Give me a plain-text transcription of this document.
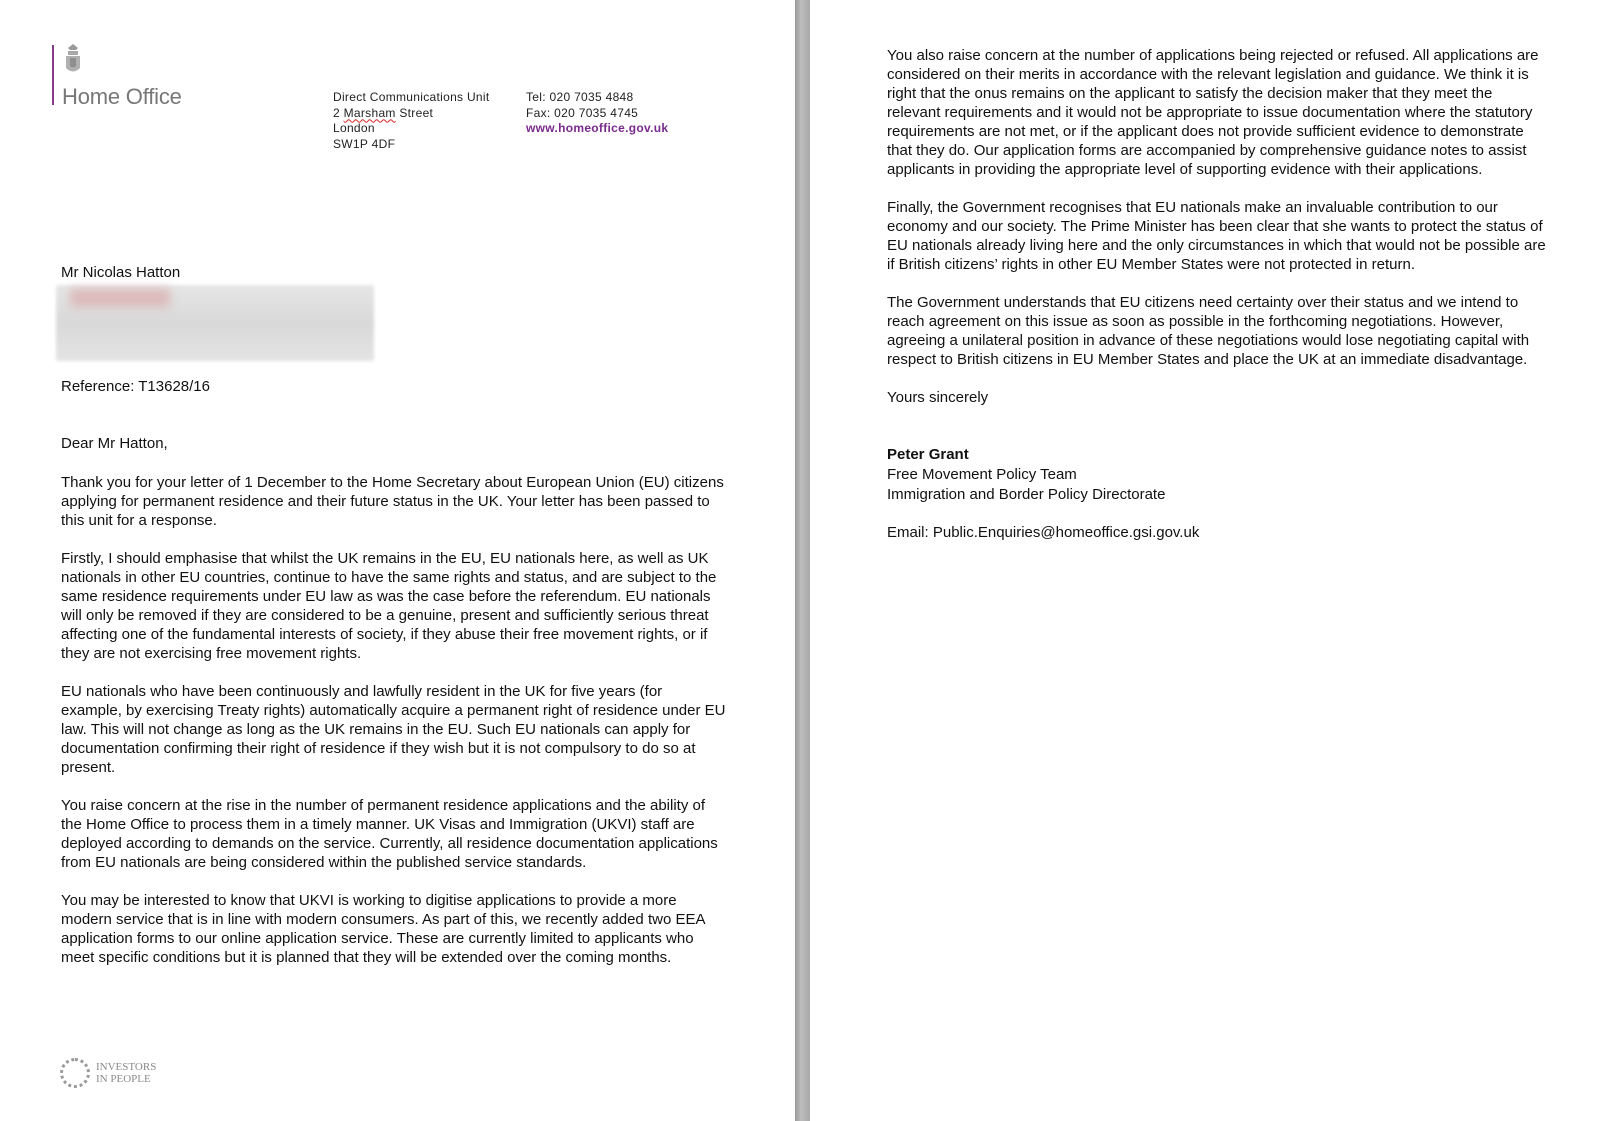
Home Office	Direct Communications Unit
2 Marsham Street
London
SW1P 4DF
Tel: 020 7035 4848
Fax: 020 7035 4745
www.homeoffice.gov.uk
Mr Nicolas Hatton
Reference: T13628/16
Dear Mr Hatton,

Thank you for your letter of 1 December to the Home Secretary about European Union (EU) citizens applying for permanent residence and their future status in the UK. Your letter has been passed to this unit for a response.

Firstly, I should emphasise that whilst the UK remains in the EU, EU nationals here, as well as UK nationals in other EU countries, continue to have the same rights and status, and are subject to the same residence requirements under EU law as was the case before the referendum. EU nationals will only be removed if they are considered to be a genuine, present and sufficiently serious threat affecting one of the fundamental interests of society, if they abuse their free movement rights, or if they are not exercising free movement rights.

EU nationals who have been continuously and lawfully resident in the UK for five years (for example, by exercising Treaty rights) automatically acquire a permanent right of residence under EU law. This will not change as long as the UK remains in the EU. Such EU nationals can apply for documentation confirming their right of residence if they wish but it is not compulsory to do so at present.

You raise concern at the rise in the number of permanent residence applications and the ability of the Home Office to process them in a timely manner. UK Visas and Immigration (UKVI) staff are deployed according to demands on the service. Currently, all residence documentation applications from EU nationals are being considered within the published service standards.

You may be interested to know that UKVI is working to digitise applications to provide a more modern service that is in line with modern consumers. As part of this, we recently added two EEA application forms to our online application service. These are currently limited to applicants who meet specific conditions but it is planned that they will be extended over the coming months.

INVESTORS
IN PEOPLE

You also raise concern at the number of applications being rejected or refused. All applications are considered on their merits in accordance with the relevant legislation and guidance. We think it is right that the onus remains on the applicant to satisfy the decision maker that they meet the relevant requirements and it would not be appropriate to issue documentation where the statutory requirements are not met, or if the applicant does not provide sufficient evidence to demonstrate that they do. Our application forms are accompanied by comprehensive guidance notes to assist applicants in providing the appropriate level of supporting evidence with their applications.

Finally, the Government recognises that EU nationals make an invaluable contribution to our economy and our society. The Prime Minister has been clear that she wants to protect the status of EU nationals already living here and the only circumstances in which that would not be possible are if British citizens’ rights in other EU Member States were not protected in return.

The Government understands that EU citizens need certainty over their status and we intend to reach agreement on this issue as soon as possible in the forthcoming negotiations. However, agreeing a unilateral position in advance of these negotiations would lose negotiating capital with respect to British citizens in EU Member States and place the UK at an immediate disadvantage.

Yours sincerely

Peter Grant
Free Movement Policy Team
Immigration and Border Policy Directorate
Email: Public.Enquiries@homeoffice.gsi.gov.uk
